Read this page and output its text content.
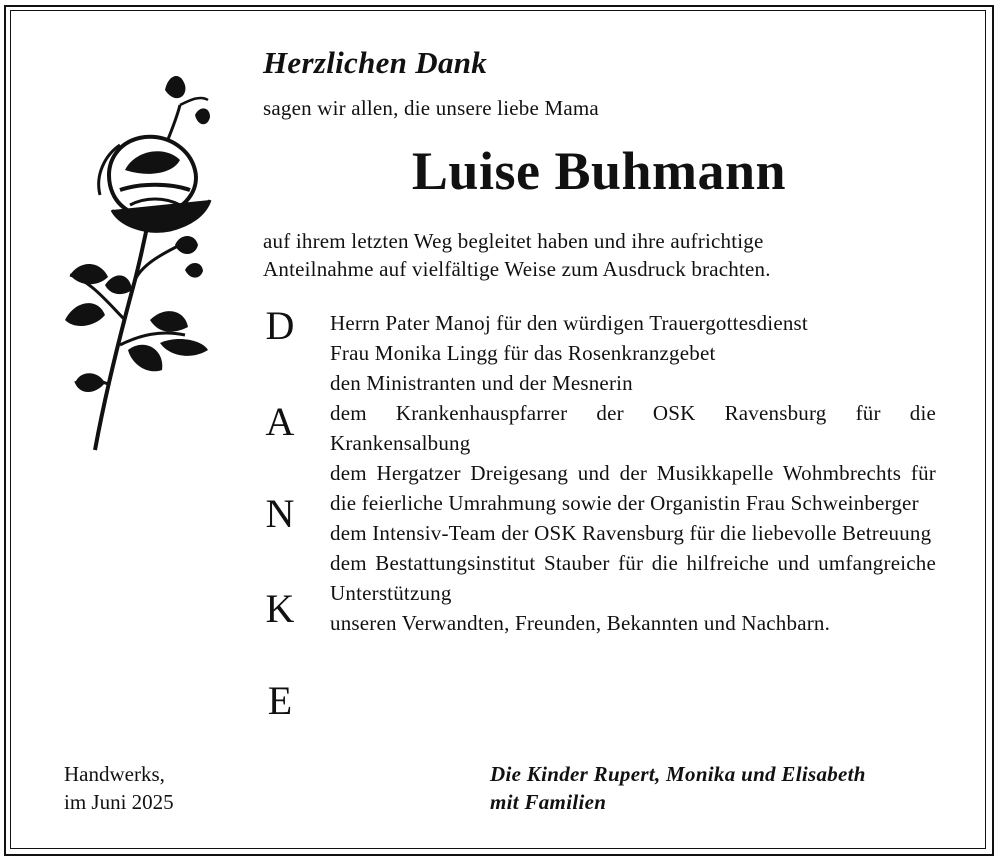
Herzlichen Dank

sagen wir allen, die unsere liebe Mama

Luise Buhmann

auf ihrem letzten Weg begleitet haben und ihre aufrichtige
Anteilnahme auf vielfältige Weise zum Ausdruck brachten.

D

A

N

K

E

Herrn Pater Manoj für den würdigen Trauergottesdienst
Frau Monika Lingg für das Rosenkranzgebet
den Ministranten und der Mesnerin
dem Krankenhauspfarrer der OSK Ravensburg für die Krankensalbung
dem Hergatzer Dreigesang und der Musikkapelle Wohmbrechts für die feierliche Umrahmung sowie der Organistin Frau Schweinberger
dem Intensiv-Team der OSK Ravensburg für die liebevolle Betreuung
dem Bestattungsinstitut Stauber für die hilfreiche und umfangreiche Unterstützung
unseren Verwandten, Freunden, Bekannten und Nachbarn.

Handwerks,
im Juni 2025

Die Kinder Rupert, Monika und Elisabeth
mit Familien
